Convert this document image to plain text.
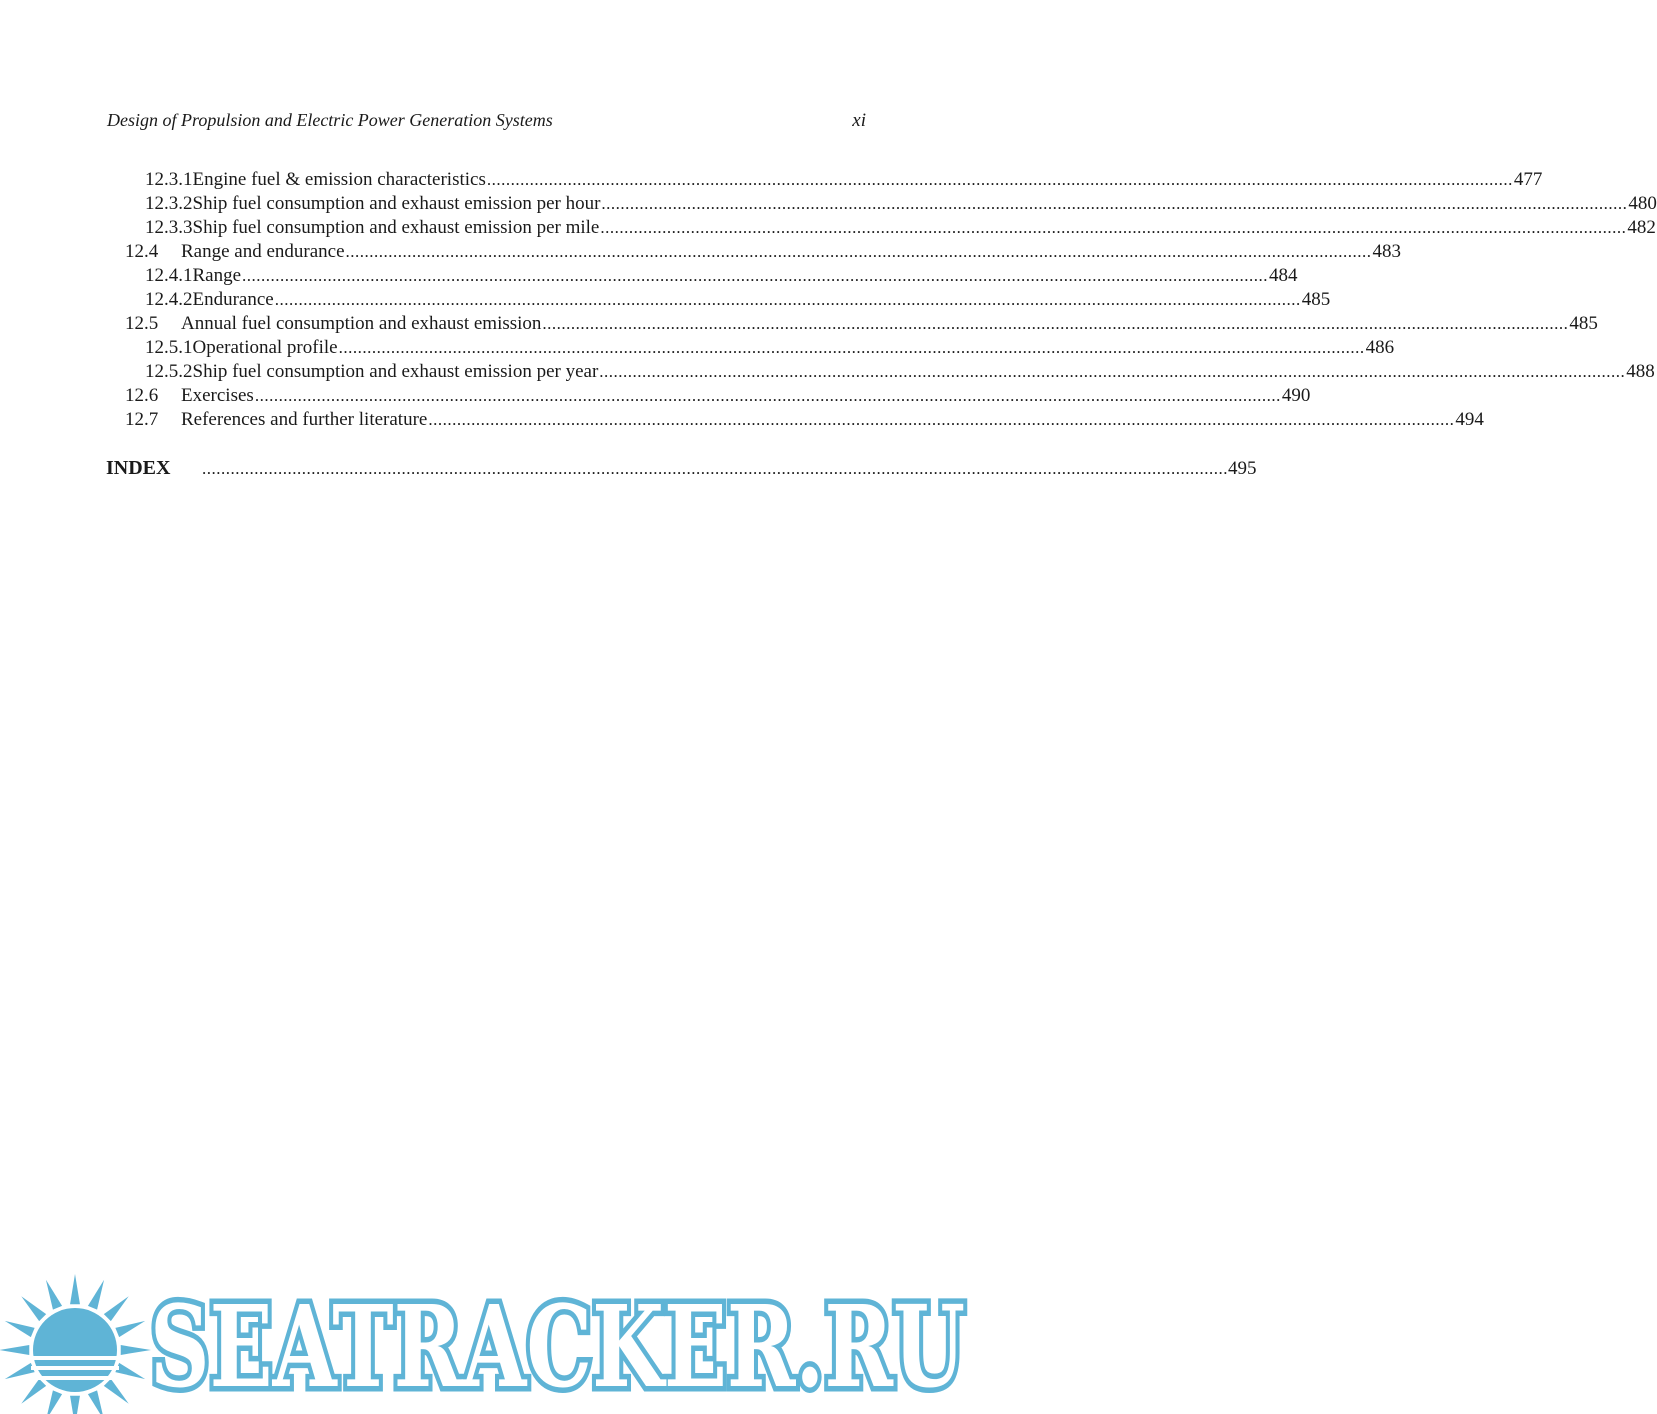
Design of Propulsion and Electric Power Generation Systems	xi
12.3.1 Engine fuel & emission characteristics .....	477
12.3.2 Ship fuel consumption and exhaust emission per hour .....	480
12.3.3 Ship fuel consumption and exhaust emission per mile .....	482
12.4	Range and endurance .....	483
12.4.1 Range .....	484
12.4.2 Endurance .....	485
12.5	Annual fuel consumption and exhaust emission .....	485
12.5.1 Operational profile .....	486
12.5.2 Ship fuel consumption and exhaust emission per year .....	488
12.6	Exercises .....	490
12.7	References and further literature .....	494
INDEX .....	495
SEATRACKER.RU
